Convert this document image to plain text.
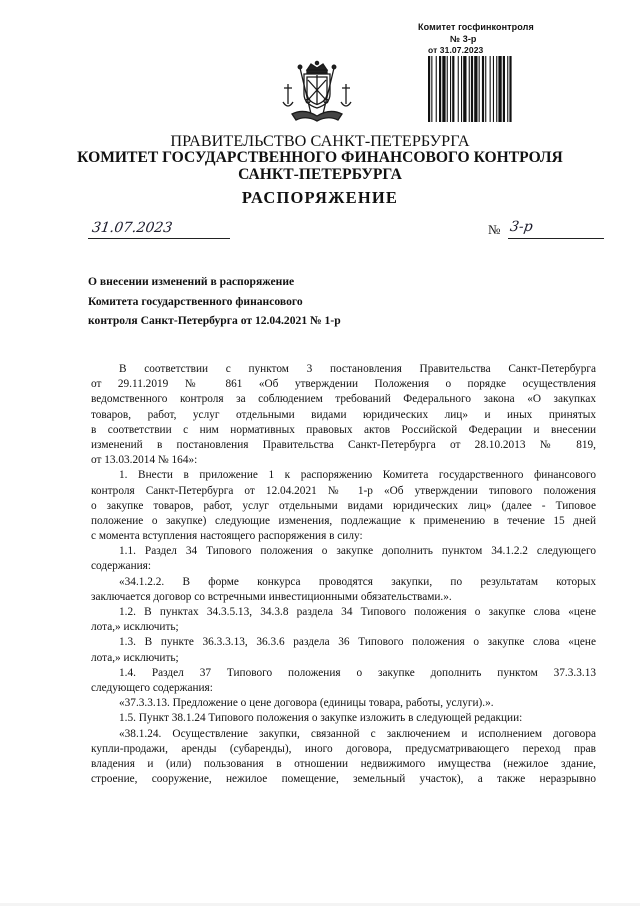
Комитет госфинконтроля
№ 3-р
от 31.07.2023
ПРАВИТЕЛЬСТВО САНКТ-ПЕТЕРБУРГА
КОМИТЕТ ГОСУДАРСТВЕННОГО ФИНАНСОВОГО КОНТРОЛЯ
САНКТ-ПЕТЕРБУРГА
РАСПОРЯЖЕНИЕ
31.07.2023	№ 3-р
О внесении изменений в распоряжение
Комитета государственного финансового
контроля Санкт-Петербурга от 12.04.2021 № 1-р
В соответствии с пунктом 3 постановления Правительства Санкт-Петербурга
от 29.11.2019 № 861 «Об утверждении Положения о порядке осуществления
ведомственного контроля за соблюдением требований Федерального закона «О закупках
товаров, работ, услуг отдельными видами юридических лиц» и иных принятых
в соответствии с ним нормативных правовых актов Российской Федерации и внесении
изменений в постановления Правительства Санкт-Петербурга от 28.10.2013 № 819,
от 13.03.2014 № 164»:
1. Внести в приложение 1 к распоряжению Комитета государственного финансового
контроля Санкт-Петербурга от 12.04.2021 № 1-р «Об утверждении типового положения
о закупке товаров, работ, услуг отдельными видами юридических лиц» (далее - Типовое
положение о закупке) следующие изменения, подлежащие к применению в течение 15 дней
с момента вступления настоящего распоряжения в силу:
1.1. Раздел 34 Типового положения о закупке дополнить пунктом 34.1.2.2 следующего
содержания:
«34.1.2.2. В форме конкурса проводятся закупки, по результатам которых
заключается договор со встречными инвестиционными обязательствами.».
1.2. В пунктах 34.3.5.13, 34.3.8 раздела 34 Типового положения о закупке слова «цене
лота,» исключить;
1.3. В пункте 36.3.3.13, 36.3.6 раздела 36 Типового положения о закупке слова «цене
лота,» исключить;
1.4. Раздел 37 Типового положения о закупке дополнить пунктом 37.3.3.13
следующего содержания:
«37.3.3.13. Предложение о цене договора (единицы товара, работы, услуги).».
1.5. Пункт 38.1.24 Типового положения о закупке изложить в следующей редакции:
«38.1.24. Осуществление закупки, связанной с заключением и исполнением договора
купли-продажи, аренды (субаренды), иного договора, предусматривающего переход прав
владения и (или) пользования в отношении недвижимого имущества (нежилое здание,
строение, сооружение, нежилое помещение, земельный участок), а также неразрывно
